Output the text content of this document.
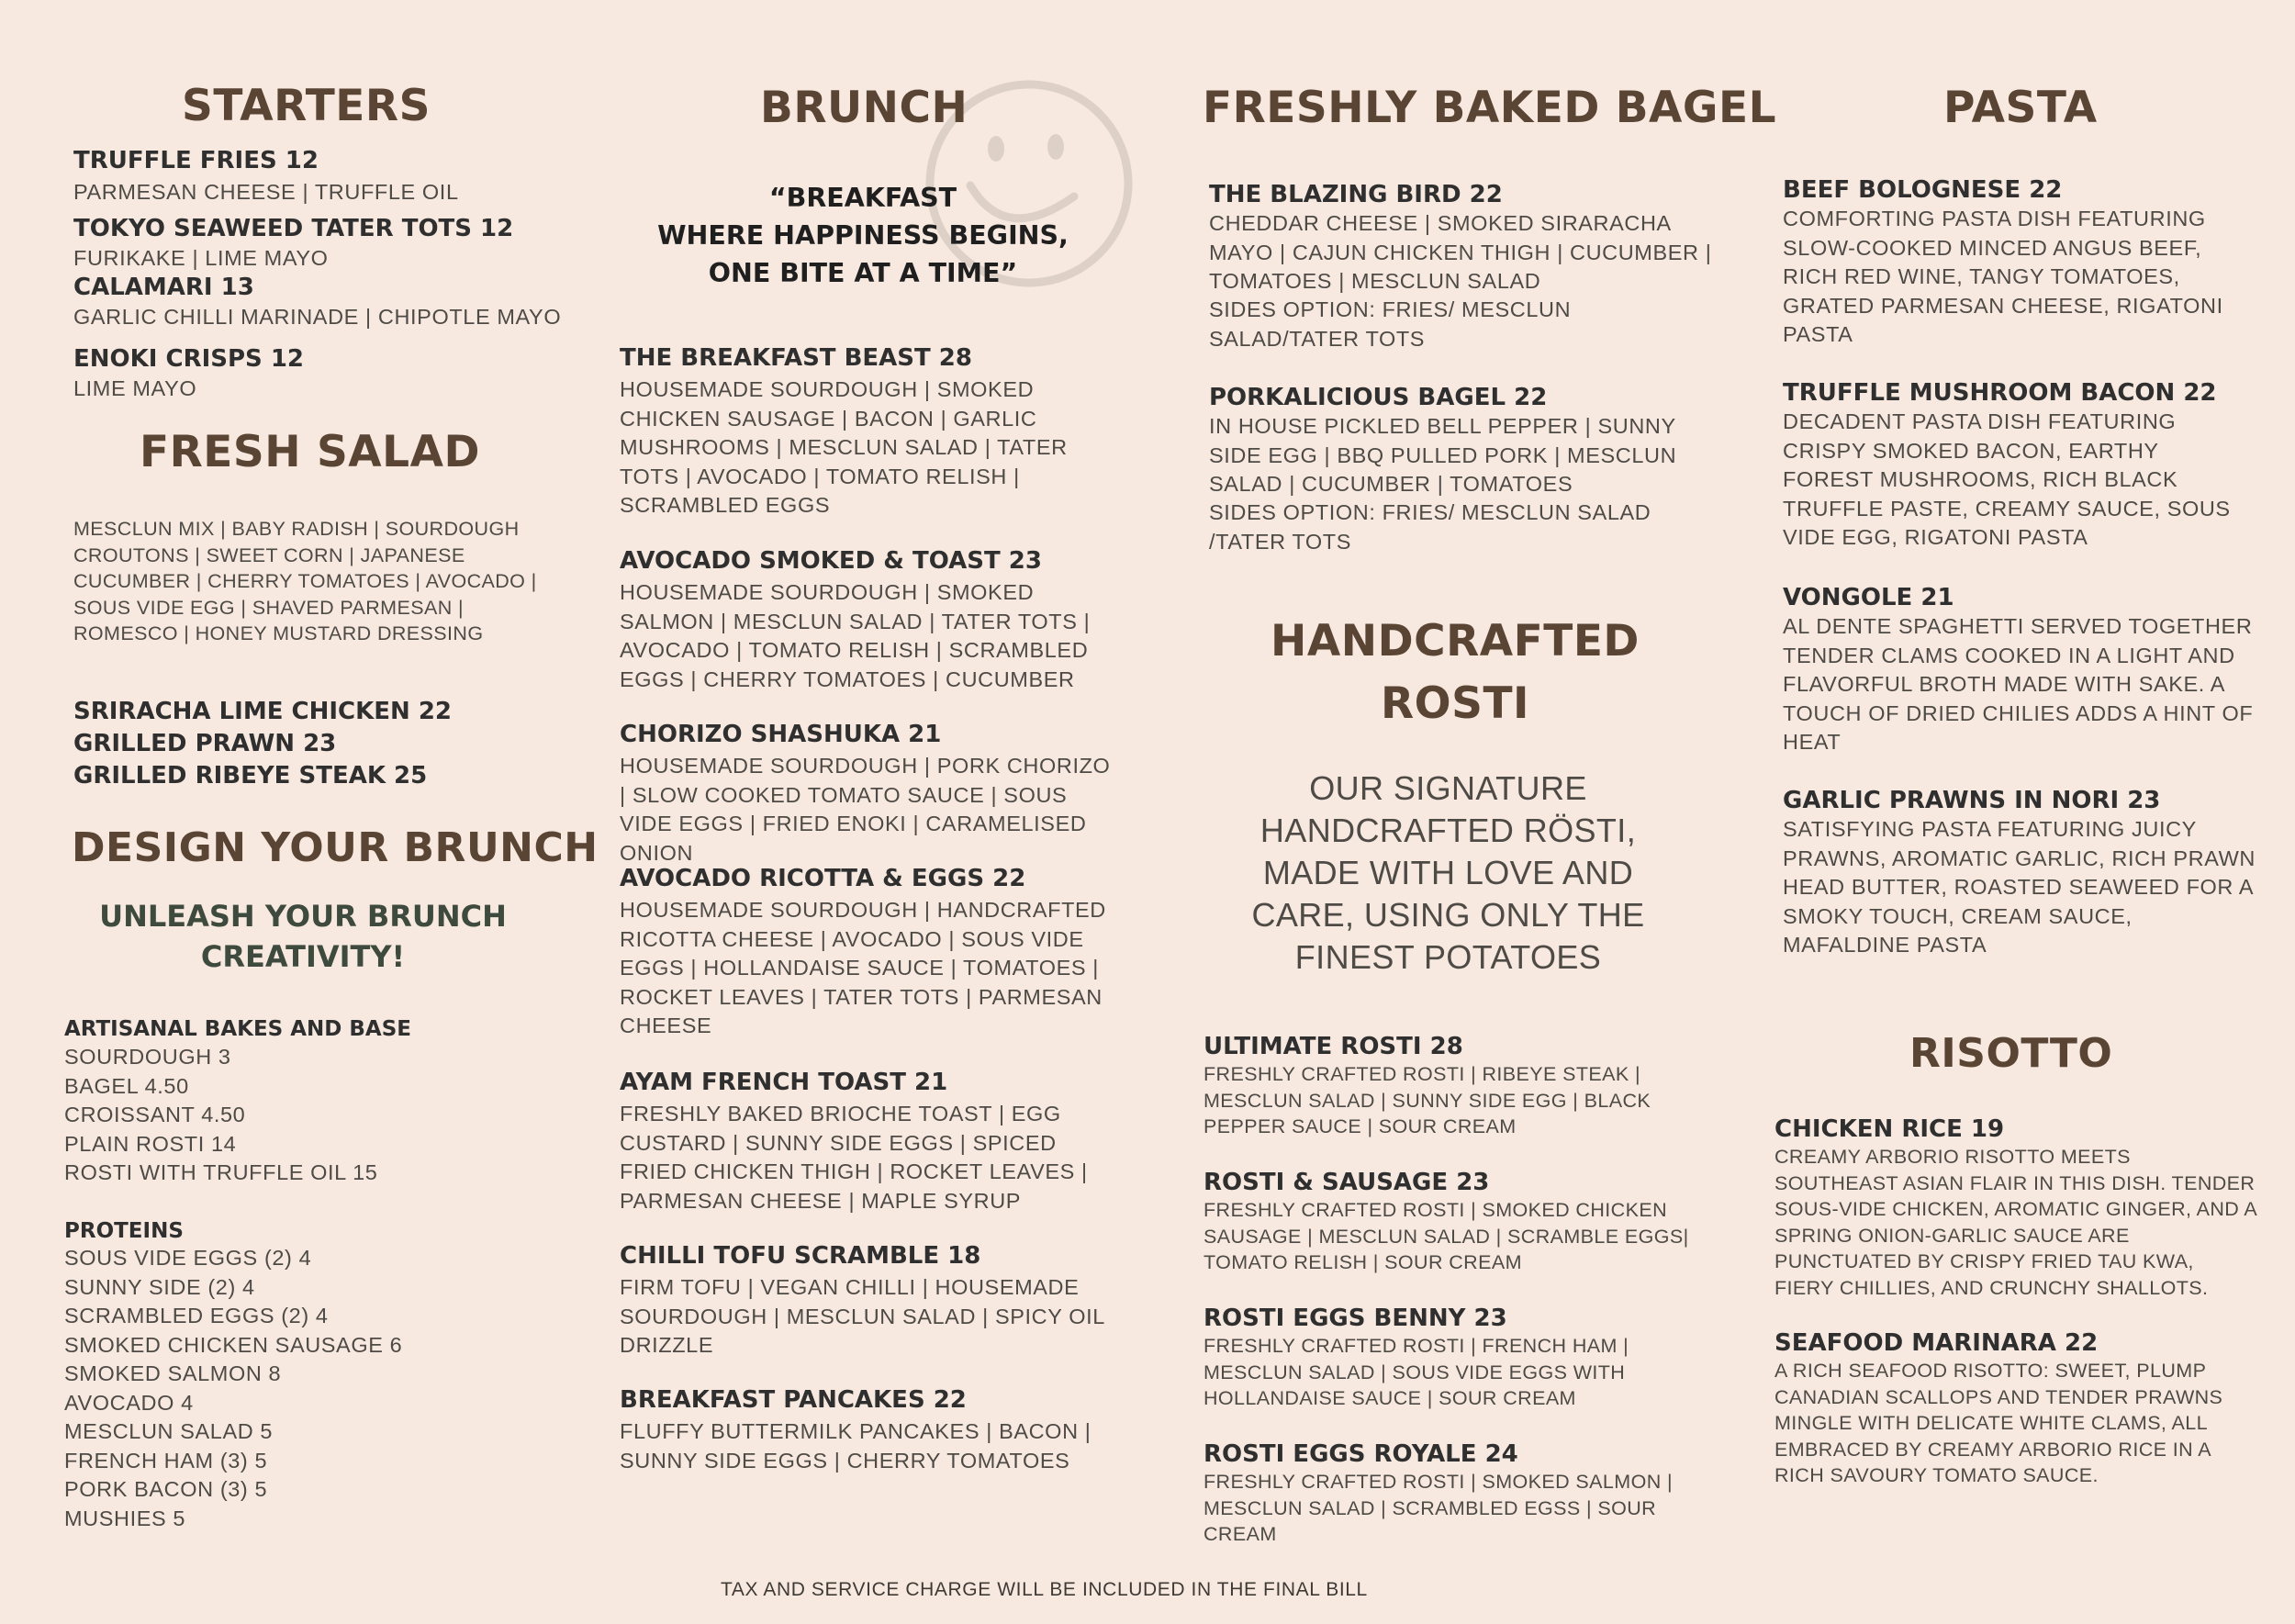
STARTERS
TRUFFLE FRIES 12
PARMESAN CHEESE | TRUFFLE OIL
TOKYO SEAWEED TATER TOTS 12
FURIKAKE | LIME MAYO
CALAMARI 13
GARLIC CHILLI MARINADE | CHIPOTLE MAYO
ENOKI CRISPS 12
LIME MAYO
FRESH SALAD
MESCLUN MIX | BABY RADISH | SOURDOUGH CROUTONS | SWEET CORN | JAPANESE CUCUMBER | CHERRY TOMATOES | AVOCADO | SOUS VIDE EGG | SHAVED PARMESAN | ROMESCO | HONEY MUSTARD DRESSING
SRIRACHA LIME CHICKEN 22
GRILLED PRAWN 23
GRILLED RIBEYE STEAK 25
DESIGN YOUR BRUNCH
UNLEASH YOUR BRUNCH CREATIVITY!
ARTISANAL BAKES AND BASE
SOURDOUGH 3
BAGEL 4.50
CROISSANT 4.50
PLAIN ROSTI 14
ROSTI WITH TRUFFLE OIL 15
PROTEINS
SOUS VIDE EGGS (2) 4
SUNNY SIDE (2) 4
SCRAMBLED EGGS (2) 4
SMOKED CHICKEN SAUSAGE 6
SMOKED SALMON 8
AVOCADO 4
MESCLUN SALAD 5
FRENCH HAM (3) 5
PORK BACON (3) 5
MUSHIES 5
BRUNCH
“BREAKFAST
WHERE HAPPINESS BEGINS,
ONE BITE AT A TIME”
THE BREAKFAST BEAST 28
HOUSEMADE SOURDOUGH | SMOKED CHICKEN SAUSAGE | BACON | GARLIC MUSHROOMS | MESCLUN SALAD | TATER TOTS | AVOCADO | TOMATO RELISH | SCRAMBLED EGGS
AVOCADO SMOKED & TOAST 23
HOUSEMADE SOURDOUGH | SMOKED SALMON | MESCLUN SALAD | TATER TOTS | AVOCADO | TOMATO RELISH | SCRAMBLED EGGS | CHERRY TOMATOES | CUCUMBER
CHORIZO SHASHUKA 21
HOUSEMADE SOURDOUGH | PORK CHORIZO | SLOW COOKED TOMATO SAUCE | SOUS VIDE EGGS | FRIED ENOKI | CARAMELISED ONION
AVOCADO RICOTTA & EGGS 22
HOUSEMADE SOURDOUGH | HANDCRAFTED RICOTTA CHEESE | AVOCADO | SOUS VIDE EGGS | HOLLANDAISE SAUCE | TOMATOES | ROCKET LEAVES | TATER TOTS | PARMESAN CHEESE
AYAM FRENCH TOAST 21
FRESHLY BAKED BRIOCHE TOAST | EGG CUSTARD | SUNNY SIDE EGGS | SPICED FRIED CHICKEN THIGH | ROCKET LEAVES | PARMESAN CHEESE | MAPLE SYRUP
CHILLI TOFU SCRAMBLE 18
FIRM TOFU | VEGAN CHILLI | HOUSEMADE SOURDOUGH | MESCLUN SALAD | SPICY OIL DRIZZLE
BREAKFAST PANCAKES 22
FLUFFY BUTTERMILK PANCAKES | BACON | SUNNY SIDE EGGS | CHERRY TOMATOES
FRESHLY BAKED BAGEL
THE BLAZING BIRD 22
CHEDDAR CHEESE | SMOKED SIRARACHA MAYO | CAJUN CHICKEN THIGH | CUCUMBER | TOMATOES | MESCLUN SALAD
SIDES OPTION: FRIES/ MESCLUN SALAD/TATER TOTS
PORKALICIOUS BAGEL 22
IN HOUSE PICKLED BELL PEPPER | SUNNY SIDE EGG | BBQ PULLED PORK | MESCLUN SALAD | CUCUMBER | TOMATOES
SIDES OPTION: FRIES/ MESCLUN SALAD /TATER TOTS
HANDCRAFTED
ROSTI
OUR SIGNATURE HANDCRAFTED RÖSTI, MADE WITH LOVE AND CARE, USING ONLY THE FINEST POTATOES
ULTIMATE ROSTI 28
FRESHLY CRAFTED ROSTI | RIBEYE STEAK | MESCLUN SALAD | SUNNY SIDE EGG | BLACK PEPPER SAUCE | SOUR CREAM
ROSTI & SAUSAGE 23
FRESHLY CRAFTED ROSTI | SMOKED CHICKEN SAUSAGE | MESCLUN SALAD | SCRAMBLE EGGS| TOMATO RELISH | SOUR CREAM
ROSTI EGGS BENNY 23
FRESHLY CRAFTED ROSTI | FRENCH HAM | MESCLUN SALAD | SOUS VIDE EGGS WITH HOLLANDAISE SAUCE | SOUR CREAM
ROSTI EGGS ROYALE 24
FRESHLY CRAFTED ROSTI | SMOKED SALMON | MESCLUN SALAD | SCRAMBLED EGSS | SOUR CREAM
PASTA
BEEF BOLOGNESE 22
COMFORTING PASTA DISH FEATURING SLOW-COOKED MINCED ANGUS BEEF, RICH RED WINE, TANGY TOMATOES, GRATED PARMESAN CHEESE, RIGATONI PASTA
TRUFFLE MUSHROOM BACON 22
DECADENT PASTA DISH FEATURING CRISPY SMOKED BACON, EARTHY FOREST MUSHROOMS, RICH BLACK TRUFFLE PASTE, CREAMY SAUCE, SOUS VIDE EGG, RIGATONI PASTA
VONGOLE 21
AL DENTE SPAGHETTI SERVED TOGETHER TENDER CLAMS COOKED IN A LIGHT AND FLAVORFUL BROTH MADE WITH SAKE. A TOUCH OF DRIED CHILIES ADDS A HINT OF HEAT
GARLIC PRAWNS IN NORI 23
SATISFYING PASTA FEATURING JUICY PRAWNS, AROMATIC GARLIC, RICH PRAWN HEAD BUTTER, ROASTED SEAWEED FOR A SMOKY TOUCH, CREAM SAUCE, MAFALDINE PASTA
RISOTTO
CHICKEN RICE 19
CREAMY ARBORIO RISOTTO MEETS SOUTHEAST ASIAN FLAIR IN THIS DISH. TENDER SOUS-VIDE CHICKEN, AROMATIC GINGER, AND A SPRING ONION-GARLIC SAUCE ARE PUNCTUATED BY CRISPY FRIED TAU KWA, FIERY CHILLIES, AND CRUNCHY SHALLOTS.
SEAFOOD MARINARA 22
A RICH SEAFOOD RISOTTO: SWEET, PLUMP CANADIAN SCALLOPS AND TENDER PRAWNS MINGLE WITH DELICATE WHITE CLAMS, ALL EMBRACED BY CREAMY ARBORIO RICE IN A RICH SAVOURY TOMATO SAUCE.
TAX AND SERVICE CHARGE WILL BE INCLUDED IN THE FINAL BILL
